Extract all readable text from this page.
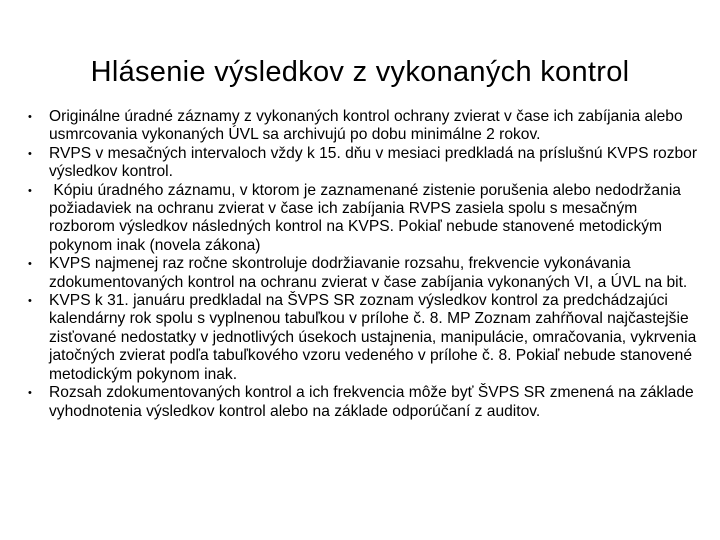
Hlásenie výsledkov z vykonaných kontrol
• Originálne úradné záznamy z vykonaných kontrol ochrany zvierat v čase ich zabíjania alebo usmrcovania vykonaných ÚVL sa archivujú po dobu minimálne 2 rokov.
• RVPS v mesačných intervaloch vždy k 15. dňu v mesiaci predkladá na príslušnú KVPS rozbor výsledkov kontrol.
• Kópiu úradného záznamu, v ktorom je zaznamenané zistenie porušenia alebo nedodržania požiadaviek na ochranu zvierat v čase ich zabíjania RVPS zasiela spolu s mesačným rozborom výsledkov následných kontrol na KVPS. Pokiaľ nebude stanovené metodickým pokynom inak (novela zákona)
• KVPS najmenej raz ročne skontroluje dodržiavanie rozsahu, frekvencie vykonávania zdokumentovaných kontrol na ochranu zvierat v čase zabíjania vykonaných VI, a ÚVL na bit.
• KVPS k 31. januáru predkladal na ŠVPS SR zoznam výsledkov kontrol za predchádzajúci kalendárny rok spolu s vyplnenou tabuľkou v prílohe č. 8. MP Zoznam zahŕňoval najčastejšie zisťované nedostatky v jednotlivých úsekoch ustajnenia, manipulácie, omračovania, vykrvenia jatočných zvierat podľa tabuľkového vzoru vedeného v prílohe č. 8. Pokiaľ nebude stanovené metodickým pokynom inak.
• Rozsah zdokumentovaných kontrol a ich frekvencia môže byť ŠVPS SR zmenená na základe vyhodnotenia výsledkov kontrol alebo na základe odporúčaní z auditov.
